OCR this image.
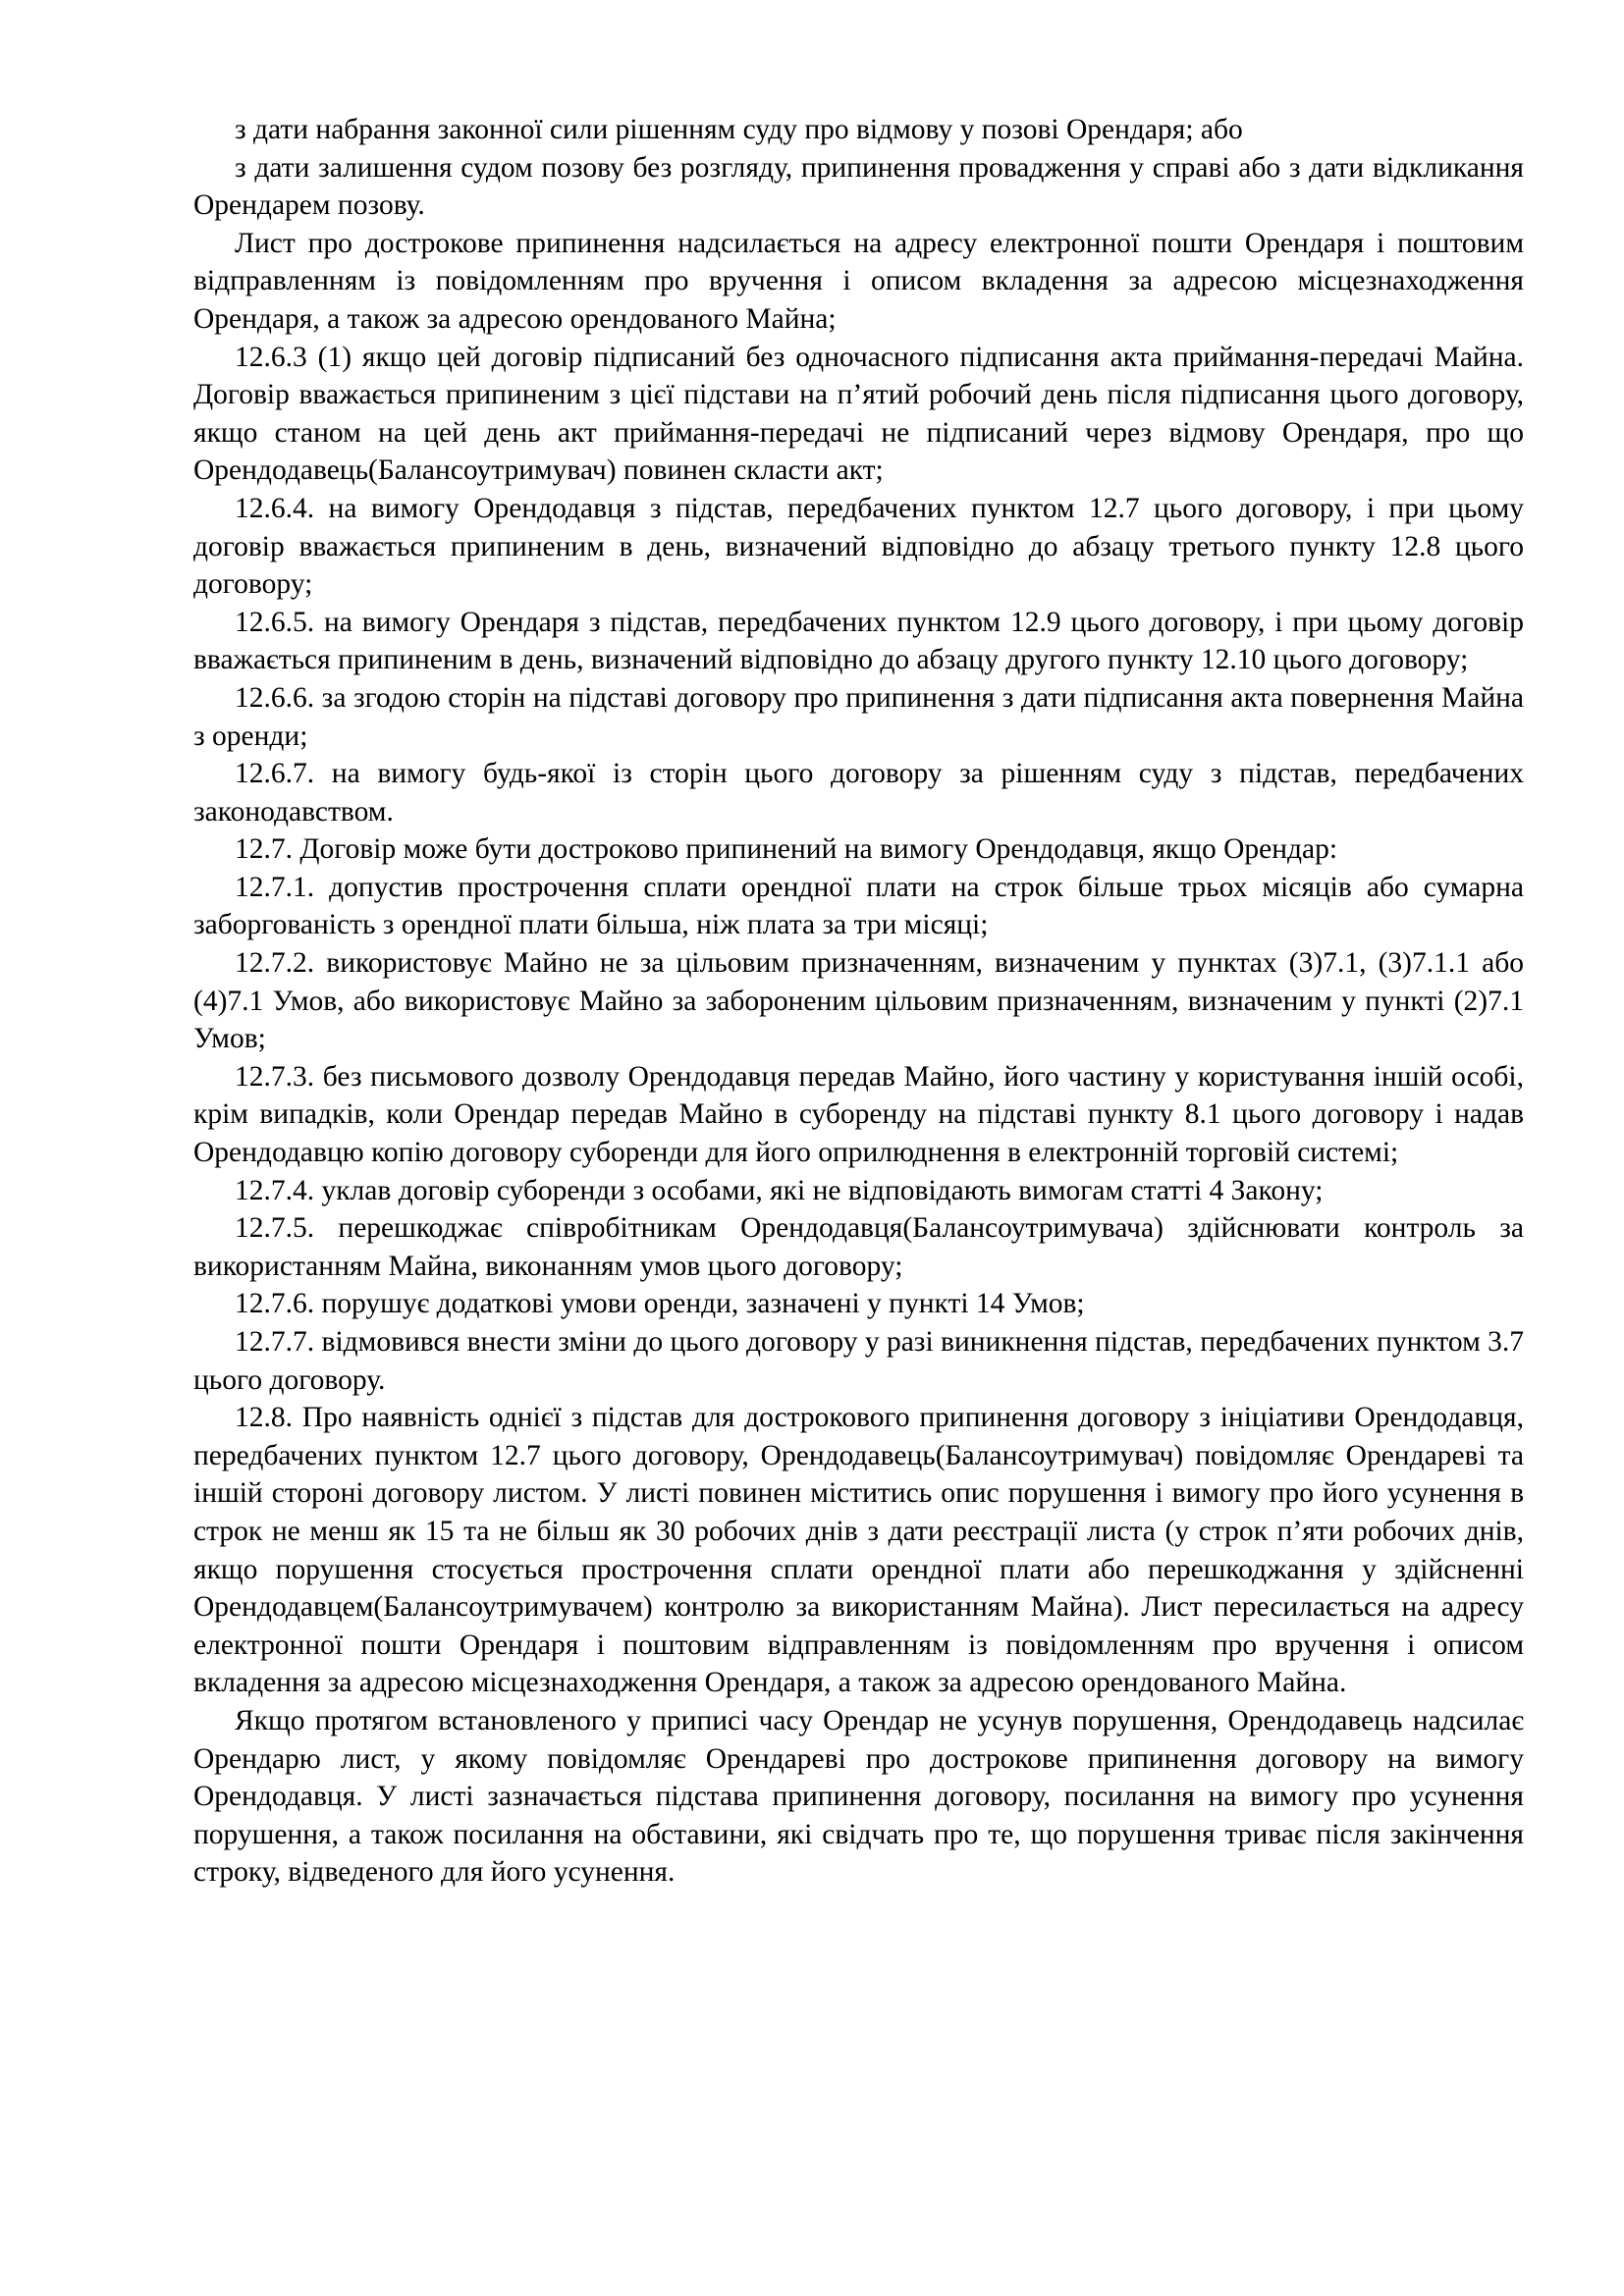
з дати набрання законної сили рішенням суду про відмову у позові Орендаря; або

з дати залишення судом позову без розгляду, припинення провадження у справі або з дати відкликання Орендарем позову.

Лист про дострокове припинення надсилається на адресу електронної пошти Орендаря і поштовим відправленням із повідомленням про вручення і описом вкладення за адресою місцезнаходження Орендаря, а також за адресою орендованого Майна;

12.6.3 (1) якщо цей договір підписаний без одночасного підписання акта приймання-передачі Майна. Договір вважається припиненим з цієї підстави на п’ятий робочий день після підписання цього договору, якщо станом на цей день акт приймання-передачі не підписаний через відмову Орендаря, про що Орендодавець(Балансоутримувач) повинен скласти акт;

12.6.4. на вимогу Орендодавця з підстав, передбачених пунктом 12.7 цього договору, і при цьому договір вважається припиненим в день, визначений відповідно до абзацу третього пункту 12.8 цього договору;

12.6.5. на вимогу Орендаря з підстав, передбачених пунктом 12.9 цього договору, і при цьому договір вважається припиненим в день, визначений відповідно до абзацу другого пункту 12.10 цього договору;

12.6.6. за згодою сторін на підставі договору про припинення з дати підписання акта повернення Майна з оренди;

12.6.7. на вимогу будь-якої із сторін цього договору за рішенням суду з підстав, передбачених законодавством.

12.7. Договір може бути достроково припинений на вимогу Орендодавця, якщо Орендар:

12.7.1. допустив прострочення сплати орендної плати на строк більше трьох місяців або сумарна заборгованість з орендної плати більша, ніж плата за три місяці;

12.7.2. використовує Майно не за цільовим призначенням, визначеним у пунктах (3)7.1, (3)7.1.1 або (4)7.1 Умов, або використовує Майно за забороненим цільовим призначенням, визначеним у пункті (2)7.1 Умов;

12.7.3. без письмового дозволу Орендодавця передав Майно, його частину у користування іншій особі, крім випадків, коли Орендар передав Майно в суборенду на підставі пункту 8.1 цього договору і надав Орендодавцю копію договору суборенди для його оприлюднення в електронній торговій системі;

12.7.4. уклав договір суборенди з особами, які не відповідають вимогам статті 4 Закону;

12.7.5. перешкоджає співробітникам Орендодавця(Балансоутримувача) здійснювати контроль за використанням Майна, виконанням умов цього договору;

12.7.6. порушує додаткові умови оренди, зазначені у пункті 14 Умов;

12.7.7. відмовився внести зміни до цього договору у разі виникнення підстав, передбачених пунктом 3.7 цього договору.

12.8. Про наявність однієї з підстав для дострокового припинення договору з ініціативи Орендодавця, передбачених пунктом 12.7 цього договору, Орендодавець(Балансоутримувач) повідомляє Орендареві та іншій стороні договору листом. У листі повинен міститись опис порушення і вимогу про його усунення в строк не менш як 15 та не більш як 30 робочих днів з дати реєстрації листа (у строк п’яти робочих днів, якщо порушення стосується прострочення сплати орендної плати або перешкоджання у здійсненні Орендодавцем(Балансоутримувачем) контролю за використанням Майна). Лист пересилається на адресу електронної пошти Орендаря і поштовим відправленням із повідомленням про вручення і описом вкладення за адресою місцезнаходження Орендаря, а також за адресою орендованого Майна.

Якщо протягом встановленого у приписі часу Орендар не усунув порушення, Орендодавець надсилає Орендарю лист, у якому повідомляє Орендареві про дострокове припинення договору на вимогу Орендодавця. У листі зазначається підстава припинення договору, посилання на вимогу про усунення порушення, а також посилання на обставини, які свідчать про те, що порушення триває після закінчення строку, відведеного для його усунення.
